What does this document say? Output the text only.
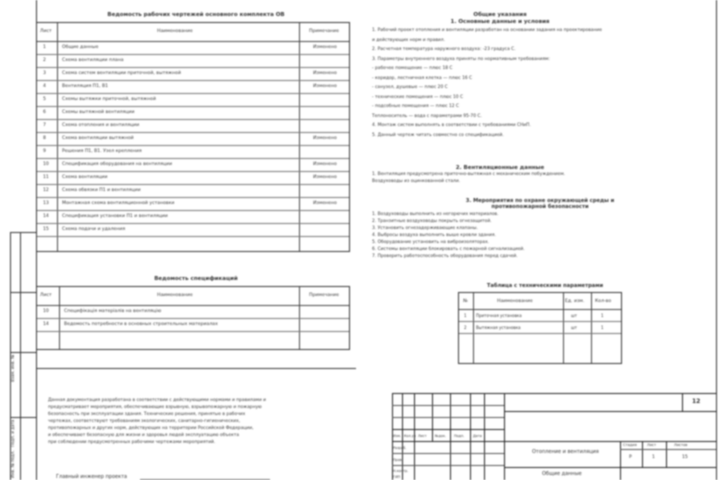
Взам. инв. №
Подп. и дата
Инв. № подл.
Ведомость рабочих чертежей основного комплекта ОВ
Лист	Наименование	Примечание
1	Общие данные	Изменено
2	Схема вентиляции плана
3	Схема систем вентиляции приточной, вытяжной	Изменено
4	Вентиляция П1, В1	Изменено
5	Схемы вытяжки приточной, вытяжной
6	Схемы вытяжной вентиляции
7	Схема отопления и вентиляции
8	Схема вентиляции вытяжной	Изменено
9	Решения П1, В1. Узел крепления
10	Спецификация оборудования на вентиляции	Изменено
11	Схема вентиляции	Изменено
12	Схема обвязки П1 и вентиляции
13	Монтажная схема вентиляционной установки	Изменено
14	Спецификация установки П1 и вентиляции
15	Схема подачи и удаления
Ведомость спецификаций
Лист	Наименование	Примечание
10	Специфікація матеріалів на вентиляцію
14	Ведомость потребности в основных строительных материалах
Данная документация разработана в соответствии с действующими нормами и правилами и
предусматривает мероприятия, обеспечивающие взрывную, взрывопожарную и пожарную
безопасность при эксплуатации здания. Технические решения, принятые в рабочих
чертежах, соответствуют требованиям экологических, санитарно-гигиенических,
противопожарных и других норм, действующих на территории Российской Федерации,
и обеспечивают безопасную для жизни и здоровья людей эксплуатацию объекта
при соблюдении предусмотренных рабочими чертежами мероприятий.
Главный инженер проекта
Общие указания
1. Основные данные и условия
1. Рабочий проект отопления и вентиляции разработан на основании задания на проектирование
и действующих норм и правил.
2. Расчетная температура наружного воздуха: -23 градуса С.
3. Параметры внутреннего воздуха приняты по нормативным требованиям:
- рабочее помещение — плюс 18 С
- коридор, лестничная клетка — плюс 16 С
- санузел, душевые — плюс 20 С
- технические помещения — плюс 10 С
- подсобные помещения — плюс 12 С
Теплоноситель — вода с параметрами 95-70 С.
4. Монтаж систем выполнять в соответствии с требованиями СНиП.
5. Данный чертеж читать совместно со спецификацией.
2. Вентиляционные данные
1. Вентиляция предусмотрена приточно-вытяжная с механическим побуждением.
Воздуховоды из оцинкованной стали.
3. Мероприятия по охране окружающей среды и противопожарной безопасности
1. Воздуховоды выполнить из негорючих материалов.
2. Транзитные воздуховоды покрыть огнезащитой.
3. Установить огнезадерживающие клапаны.
4. Выбросы воздуха выполнить выше кровли здания.
5. Оборудование установить на виброизоляторах.
6. Системы вентиляции блокировать с пожарной сигнализацией.
7. Проверить работоспособность оборудования перед сдачей.
Таблица с техническими параметрами
№	Наименование	Ед. изм. Кол-во
1 Приточная установка	шт	1
2 Вытяжная установка	шт	1
12
Изм. Кол.уч Лист №док. Подп.	Дата
Разраб.
Пров.
Н.контр.
ГИП
Отопление и вентиляция
Стадия	Лист	Листов
Р	1	15
Общие данные
